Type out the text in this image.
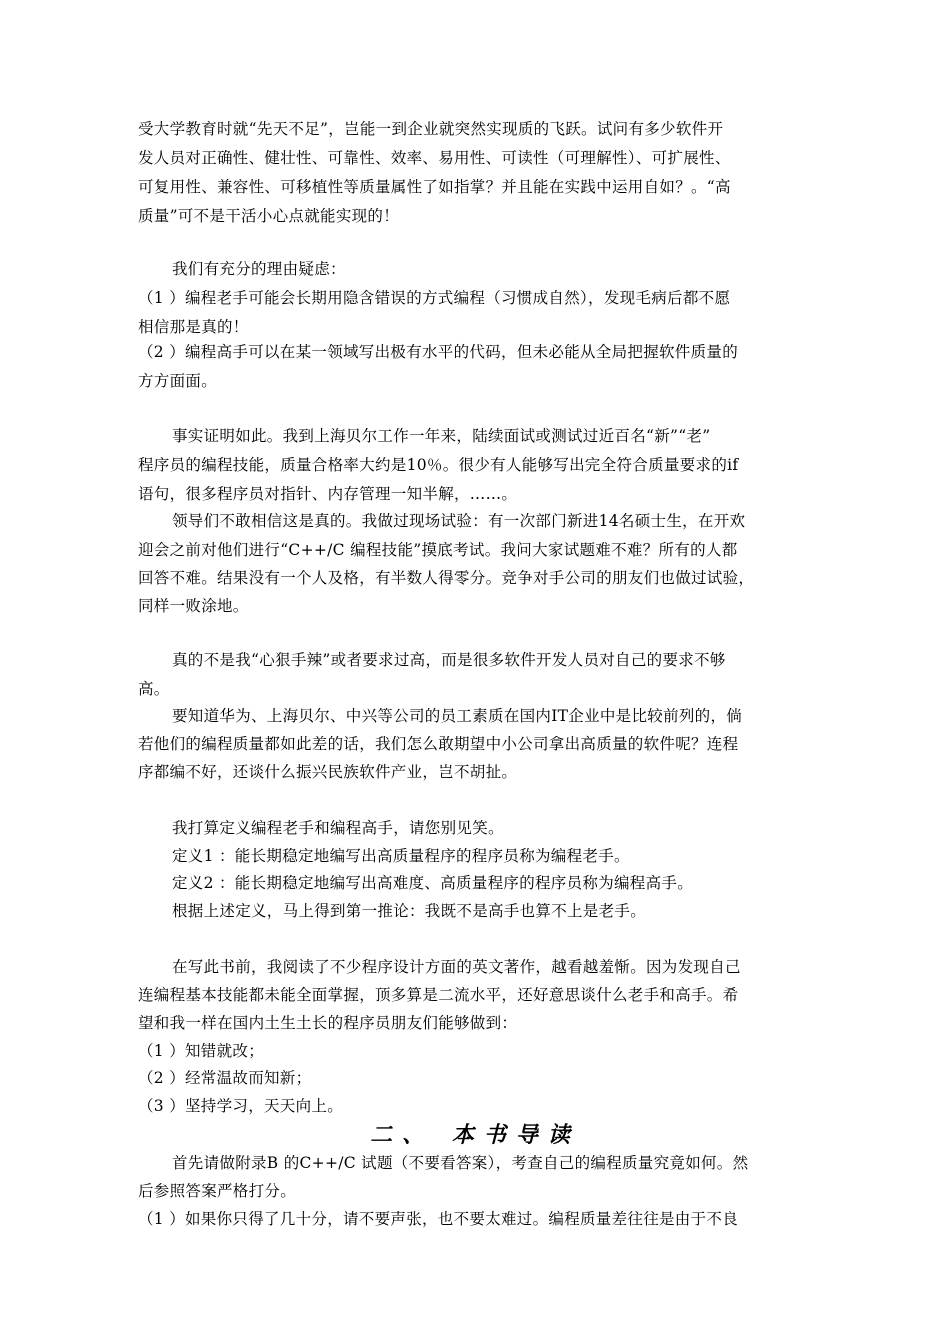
受大学教育时就“先天不足”，岂能一到企业就突然实现质的飞跃。试问有多少软件开
发人员对正确性、健壮性、可靠性、效率、易用性、可读性（可理解性）、可扩展性、
可复用性、兼容性、可移植性等质量属性了如指掌？并且能在实践中运用自如？。“高
质量”可不是干活小心点就能实现的！
我们有充分的理由疑虑：
（1 ）编程老手可能会长期用隐含错误的方式编程（习惯成自然），发现毛病后都不愿
相信那是真的！
（2 ）编程高手可以在某一领域写出极有水平的代码，但未必能从全局把握软件质量的
方方面面。
事实证明如此。我到上海贝尔工作一年来，陆续面试或测试过近百名“新”“老”
程序员的编程技能，质量合格率大约是10％。很少有人能够写出完全符合质量要求的if
语句，很多程序员对指针、内存管理一知半解，……。
领导们不敢相信这是真的。我做过现场试验：有一次部门新进14名硕士生，在开欢
迎会之前对他们进行“C++/C 编程技能”摸底考试。我问大家试题难不难？所有的人都
回答不难。结果没有一个人及格，有半数人得零分。竞争对手公司的朋友们也做过试验，
同样一败涂地。
真的不是我“心狠手辣”或者要求过高，而是很多软件开发人员对自己的要求不够
高。
要知道华为、上海贝尔、中兴等公司的员工素质在国内IT企业中是比较前列的，倘
若他们的编程质量都如此差的话，我们怎么敢期望中小公司拿出高质量的软件呢？连程
序都编不好，还谈什么振兴民族软件产业，岂不胡扯。
我打算定义编程老手和编程高手，请您别见笑。
定义1 ：能长期稳定地编写出高质量程序的程序员称为编程老手。
定义2 ：能长期稳定地编写出高难度、高质量程序的程序员称为编程高手。
根据上述定义，马上得到第一推论：我既不是高手也算不上是老手。
在写此书前，我阅读了不少程序设计方面的英文著作，越看越羞惭。因为发现自己
连编程基本技能都未能全面掌握，顶多算是二流水平，还好意思谈什么老手和高手。希
望和我一样在国内土生土长的程序员朋友们能够做到：
（1 ）知错就改；
（2 ）经常温故而知新；
（3 ）坚持学习，天天向上。
二、 本书导读
首先请做附录B 的C++/C 试题（不要看答案），考查自己的编程质量究竟如何。然
后参照答案严格打分。
（1 ）如果你只得了几十分，请不要声张，也不要太难过。编程质量差往往是由于不良
